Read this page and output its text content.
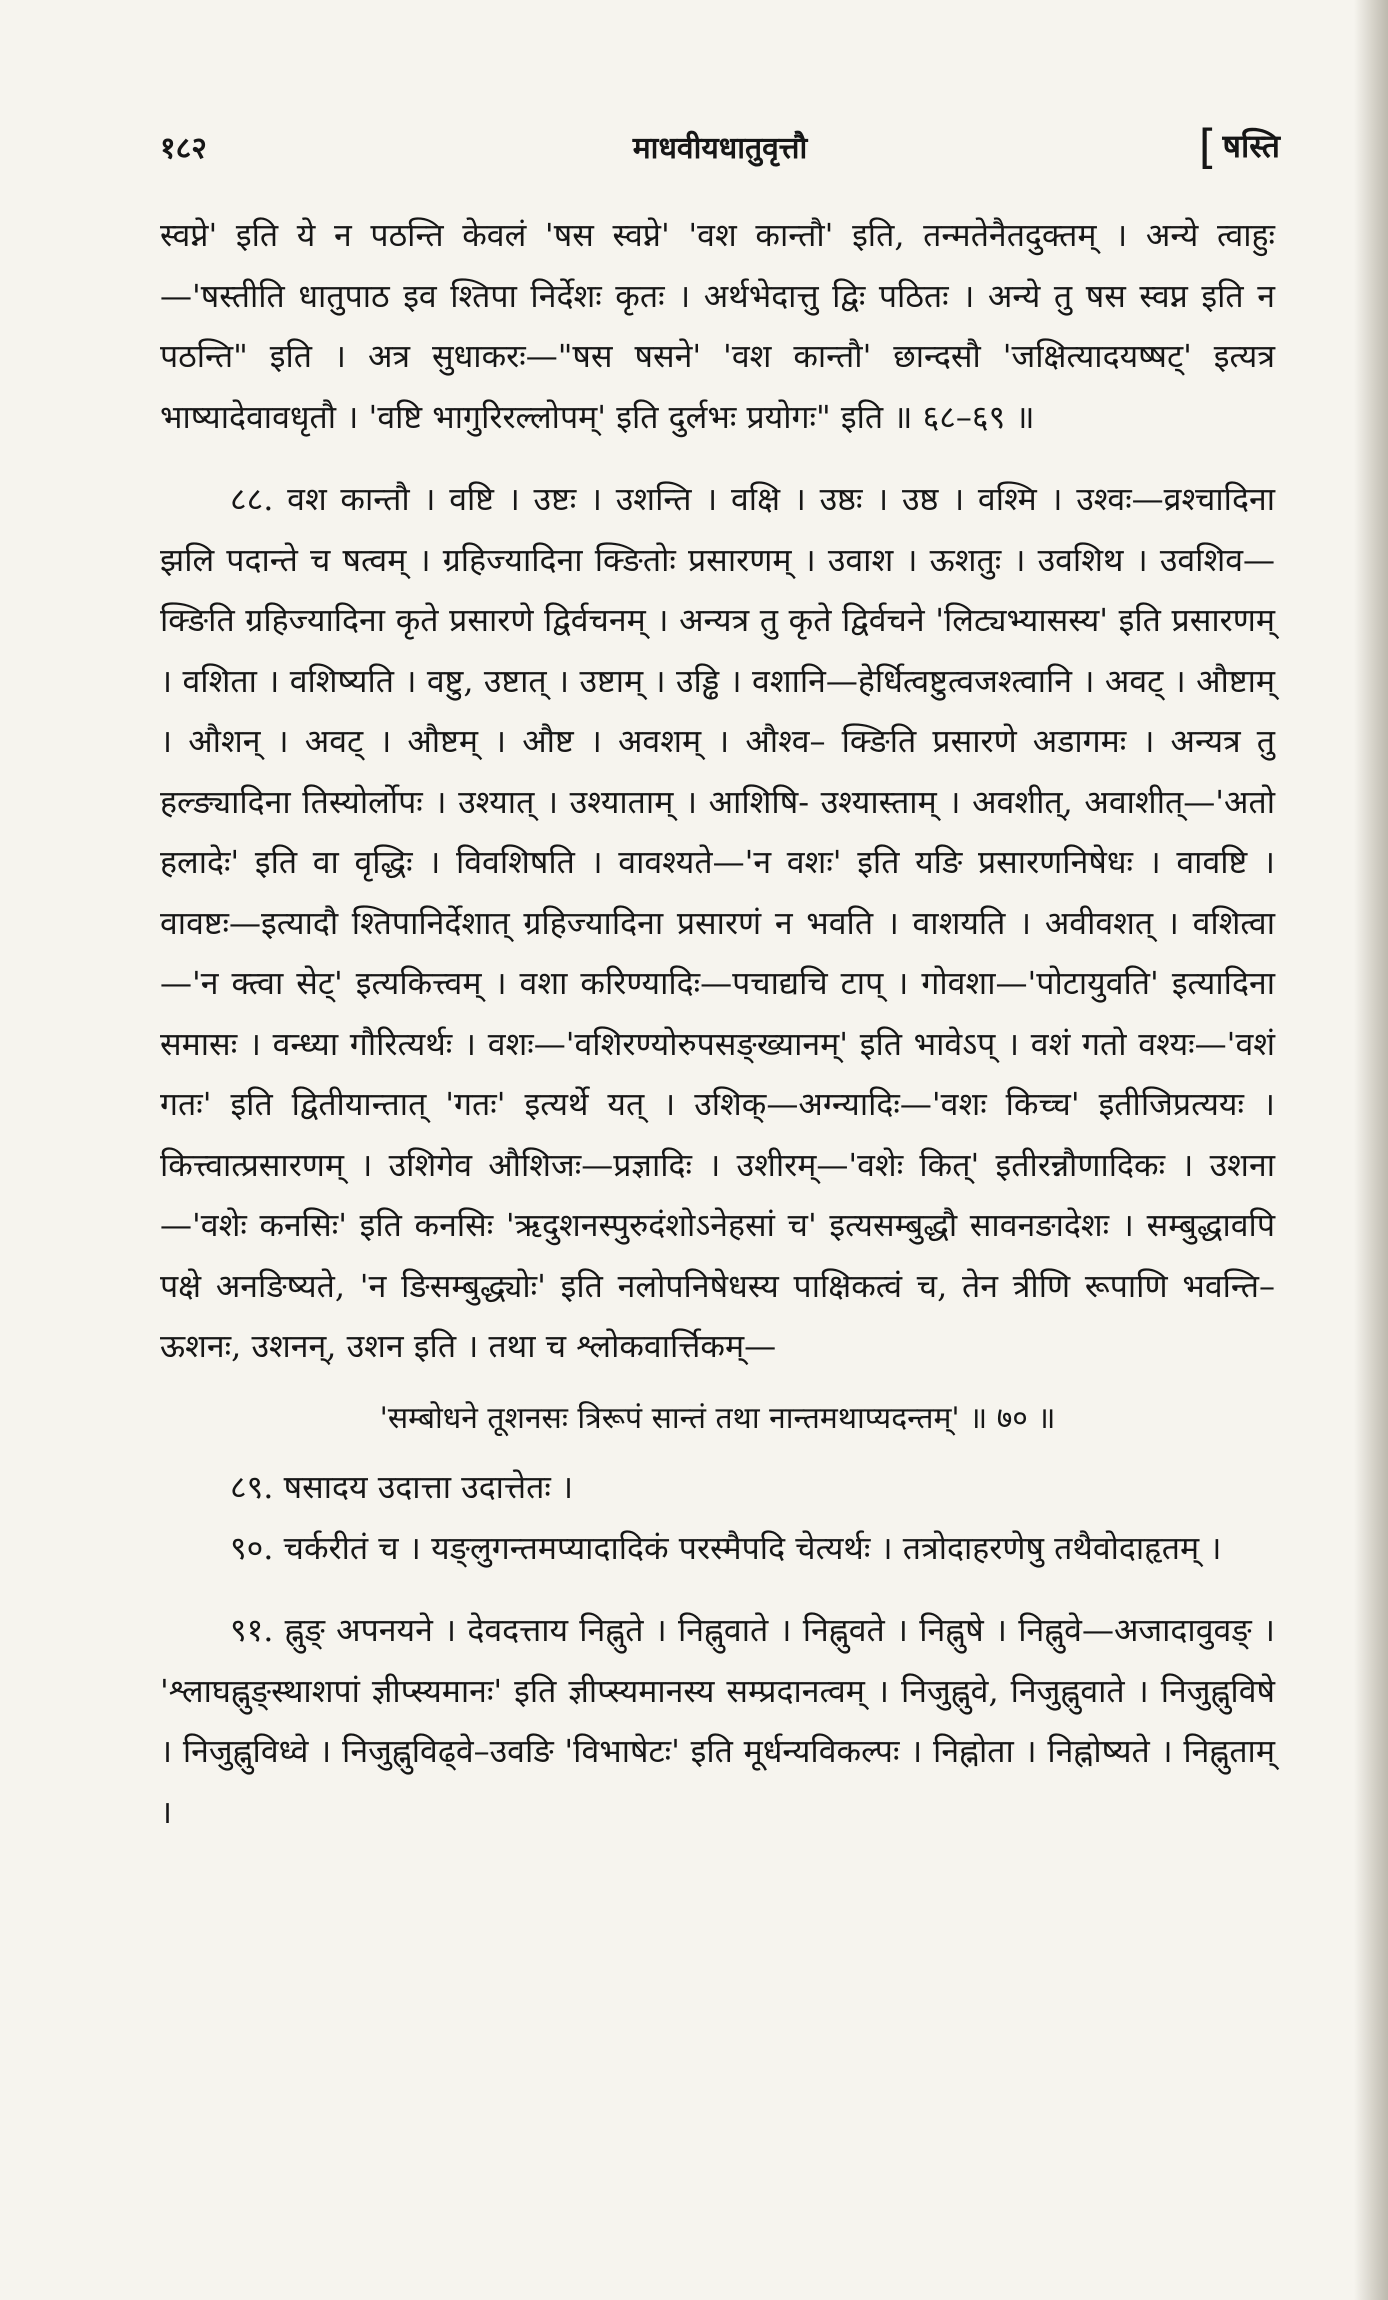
१८२	माधवीयधातुवृत्तौ	[ षस्ति

स्वप्ने' इति ये न पठन्ति केवलं 'षस स्वप्ने' 'वश कान्तौ' इति, तन्मतेनैतदुक्तम् । अन्ये त्वाहुः—'षस्तीति धातुपाठ इव श्तिपा निर्देशः कृतः । अर्थभेदात्तु द्विः पठितः । अन्ये तु षस स्वप्न इति न पठन्ति" इति । अत्र सुधाकरः—"षस षसने' 'वश कान्तौ' छान्दसौ 'जक्षित्यादयष्षट्' इत्यत्र भाष्यादेवावधृतौ । 'वष्टि भागुरिरल्लोपम्' इति दुर्लभः प्रयोगः" इति ॥ ६८–६९ ॥

८८. वश कान्तौ । वष्टि । उष्टः । उशन्ति । वक्षि । उष्ठः । उष्ठ । वश्मि । उश्वः—व्रश्चादिना झलि पदान्ते च षत्वम् । ग्रहिज्यादिना क्ङितोः प्रसारणम् । उवाश । ऊशतुः । उवशिथ । उवशिव—क्ङिति ग्रहिज्यादिना कृते प्रसारणे द्विर्वचनम् । अन्यत्र तु कृते द्विर्वचने 'लिट्यभ्यासस्य' इति प्रसारणम् । वशिता । वशिष्यति । वष्टु, उष्टात् । उष्टाम् । उड्ढि । वशानि—हेर्धित्वष्टुत्वजश्त्वानि । अवट् । औष्टाम् । औशन् । अवट् । औष्टम् । औष्ट । अवशम् । औश्व– क्ङिति प्रसारणे अडागमः । अन्यत्र तु हल्ङ्यादिना तिस्योर्लोपः । उश्यात् । उश्याताम् । आशिषि- उश्यास्ताम् । अवशीत्, अवाशीत्—'अतो हलादेः' इति वा वृद्धिः । विवशिषति । वावश्यते—'न वशः' इति यङि प्रसारणनिषेधः । वावष्टि । वावष्टः—इत्यादौ श्तिपानिर्देशात् ग्रहिज्यादिना प्रसारणं न भवति । वाशयति । अवीवशत् । वशित्वा—'न क्त्वा सेट्' इत्यकित्त्वम् । वशा करिण्यादिः—पचाद्यचि टाप् । गोवशा—'पोटायुवति' इत्यादिना समासः । वन्ध्या गौरित्यर्थः । वशः—'वशिरण्योरुपसङ्ख्यानम्' इति भावेऽप् । वशं गतो वश्यः—'वशं गतः' इति द्वितीयान्तात् 'गतः' इत्यर्थे यत् । उशिक्—अग्न्यादिः—'वशः किच्च' इतीजिप्रत्ययः । कित्त्वात्प्रसारणम् । उशिगेव औशिजः—प्रज्ञादिः । उशीरम्—'वशेः कित्' इतीरन्नौणादिकः । उशना—'वशेः कनसिः' इति कनसिः 'ऋदुशनस्पुरुदंशोऽनेहसां च' इत्यसम्बुद्धौ सावनङादेशः । सम्बुद्धावपि पक्षे अनङिष्यते, 'न ङिसम्बुद्ध्योः' इति नलोपनिषेधस्य पाक्षिकत्वं च, तेन त्रीणि रूपाणि भवन्ति–ऊशनः, उशनन्, उशन इति । तथा च श्लोकवार्त्तिकम्—

'सम्बोधने तूशनसः त्रिरूपं सान्तं तथा नान्तमथाप्यदन्तम्' ॥ ७० ॥

८९. षसादय उदात्ता उदात्तेतः ।

९०. चर्करीतं च । यङ्लुगन्तमप्यादादिकं परस्मैपदि चेत्यर्थः । तत्रोदाहरणेषु तथैवोदाहृतम् ।

९१. ह्नुङ् अपनयने । देवदत्ताय निह्नुते । निह्नुवाते । निह्नुवते । निह्नुषे । निह्नुवे—अजादावुवङ् । 'श्लाघह्नुङ्स्थाशपां ज्ञीप्स्यमानः' इति ज्ञीप्स्यमानस्य सम्प्रदानत्वम् । निजुह्नुवे, निजुह्नुवाते । निजुह्नुविषे । निजुह्नुविध्वे । निजुह्नुविढ्वे–उवङि 'विभाषेटः' इति मूर्धन्यविकल्पः । निह्नोता । निह्नोष्यते । निह्नुताम् ।
